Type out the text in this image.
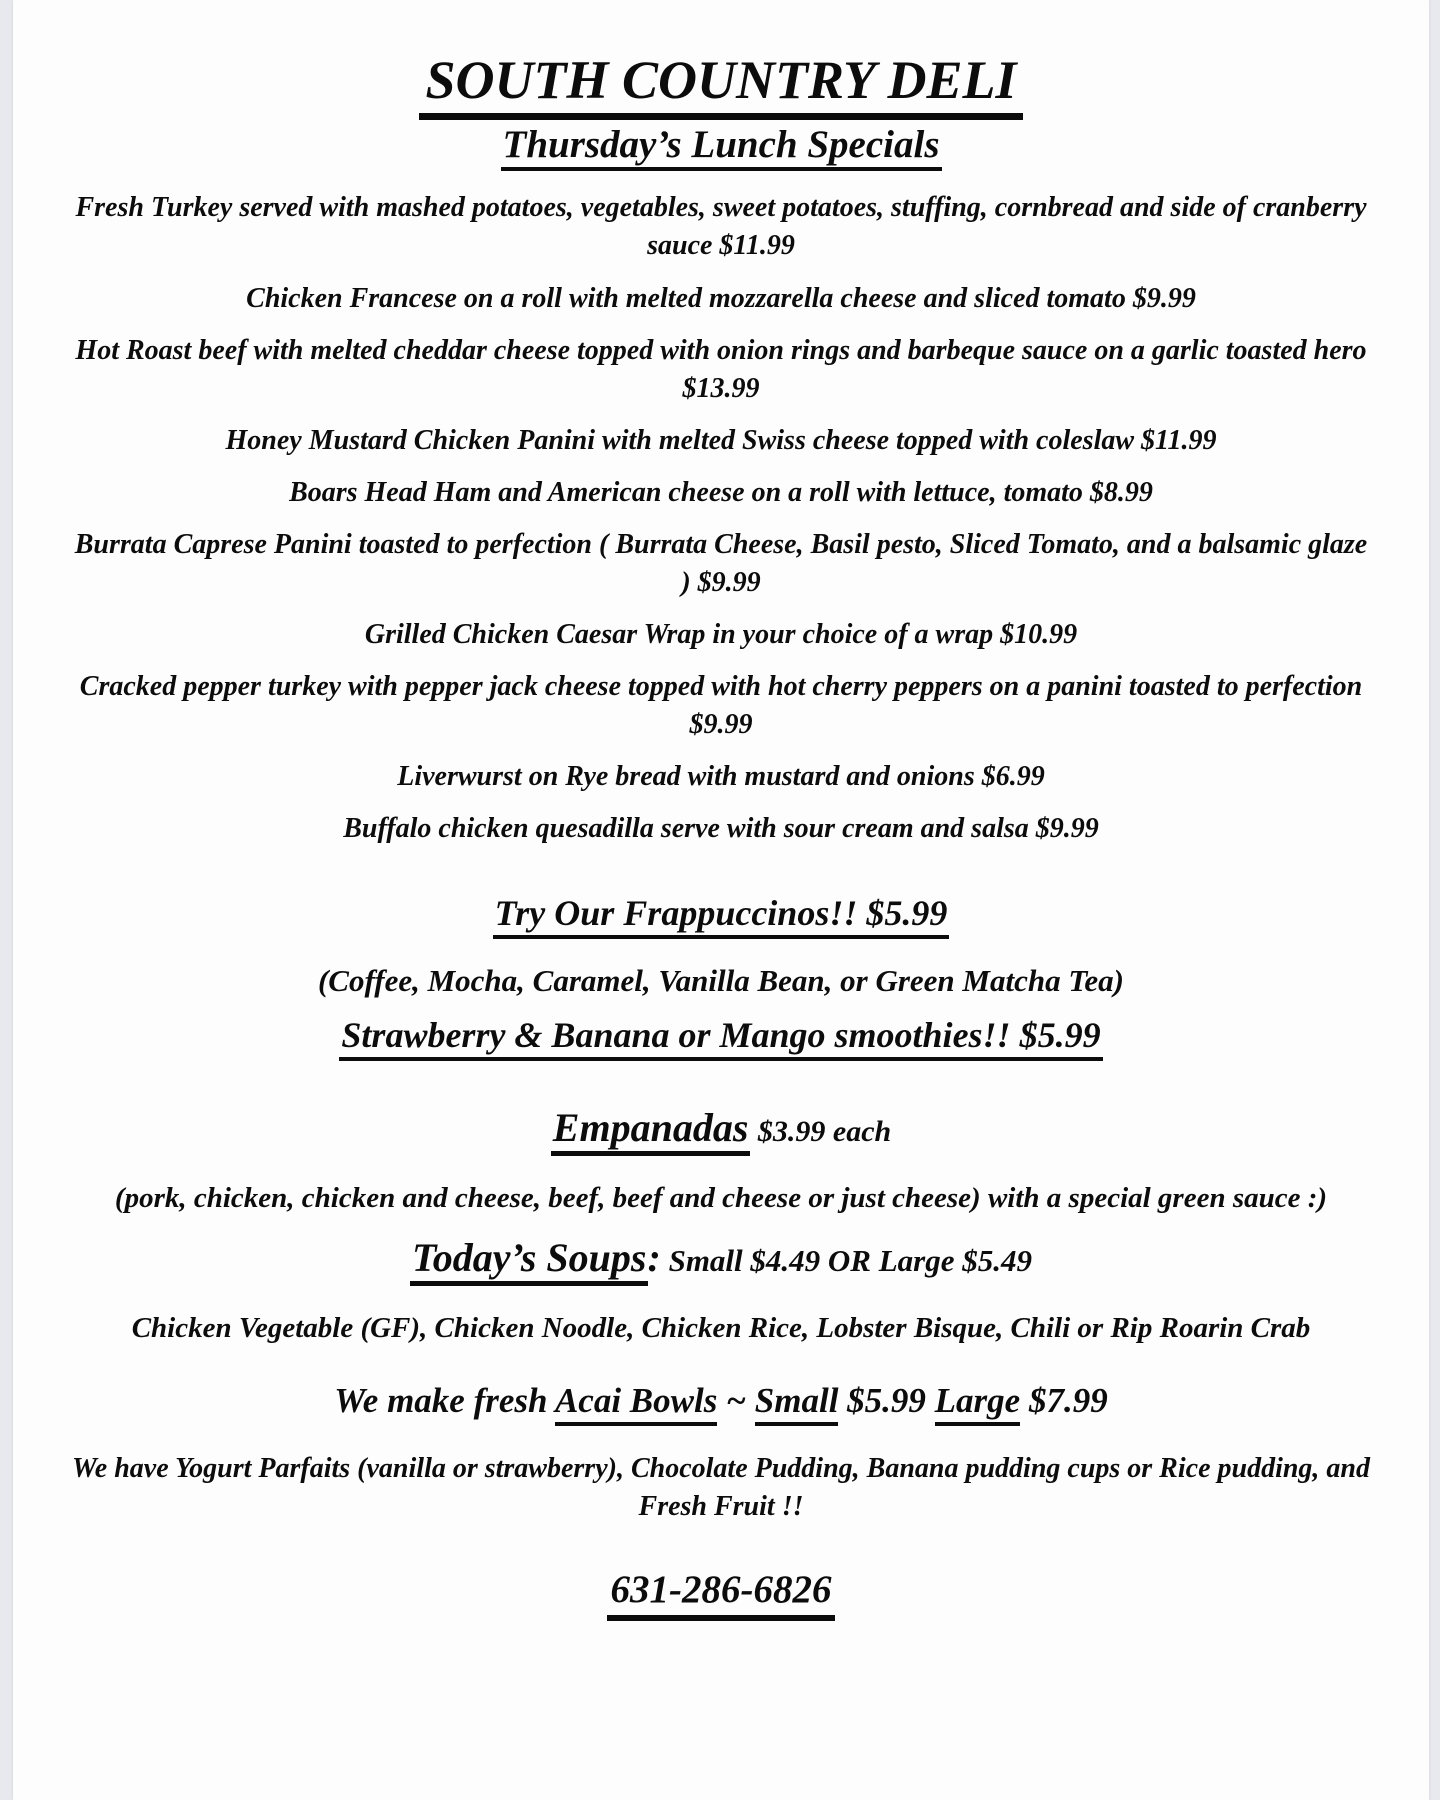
SOUTH COUNTRY DELI
Thursday’s Lunch Specials

Fresh Turkey served with mashed potatoes, vegetables, sweet potatoes, stuffing, cornbread and side of cranberry sauce $11.99

Chicken Francese on a roll with melted mozzarella cheese and sliced tomato $9.99

Hot Roast beef with melted cheddar cheese topped with onion rings and barbeque sauce on a garlic toasted hero $13.99

Honey Mustard Chicken Panini with melted Swiss cheese topped with coleslaw $11.99

Boars Head Ham and American cheese on a roll with lettuce, tomato $8.99

Burrata Caprese Panini toasted to perfection ( Burrata Cheese, Basil pesto, Sliced Tomato, and a balsamic glaze ) $9.99

Grilled Chicken Caesar Wrap in your choice of a wrap $10.99

Cracked pepper turkey with pepper jack cheese topped with hot cherry peppers on a panini toasted to perfection $9.99

Liverwurst on Rye bread with mustard and onions $6.99

Buffalo chicken quesadilla serve with sour cream and salsa $9.99

Try Our Frappuccinos!! $5.99

(Coffee, Mocha, Caramel, Vanilla Bean, or Green Matcha Tea)

Strawberry & Banana or Mango smoothies!! $5.99

Empanadas $3.99 each

(pork, chicken, chicken and cheese, beef, beef and cheese or just cheese) with a special green sauce :)

Today’s Soups: Small $4.49 OR Large $5.49

Chicken Vegetable (GF), Chicken Noodle, Chicken Rice, Lobster Bisque, Chili or Rip Roarin Crab

We make fresh Acai Bowls ~ Small $5.99 Large $7.99

We have Yogurt Parfaits (vanilla or strawberry), Chocolate Pudding, Banana pudding cups or Rice pudding, and Fresh Fruit !!

631-286-6826
